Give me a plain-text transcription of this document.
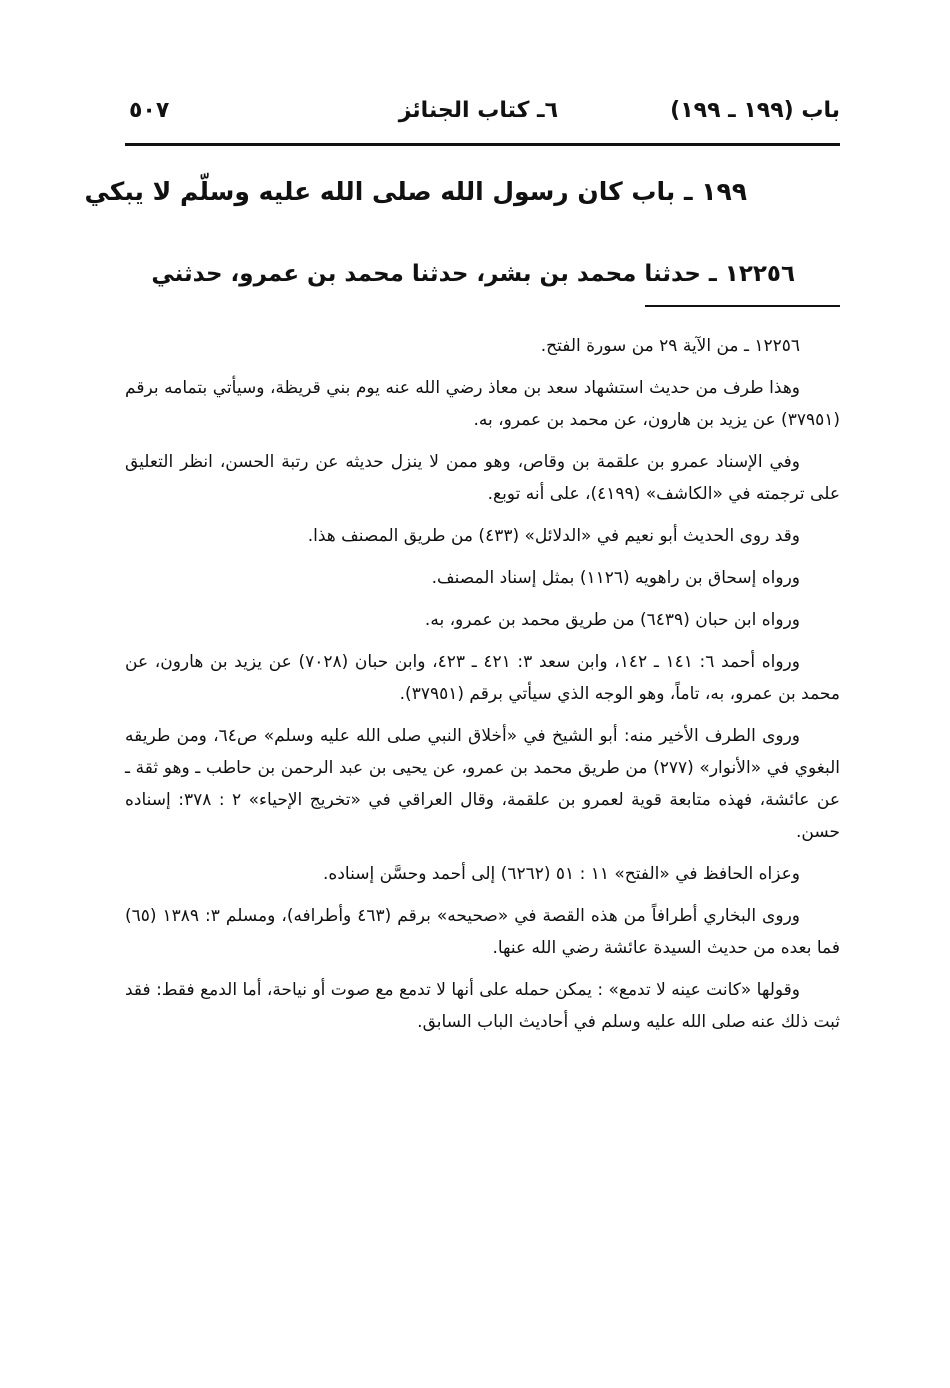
باب (١٩٩ ـ ١٩٩)
٦ـ كتاب الجنائز
٥٠٧
١٩٩ ـ باب كان رسول الله صلى الله عليه وسلّم لا يبكي
١٢٢٥٦ ـ حدثنا محمد بن بشر، حدثنا محمد بن عمرو، حدثني

١٢٢٥٦ ـ من الآية ٢٩ من سورة الفتح.

وهذا طرف من حديث استشهاد سعد بن معاذ رضي الله عنه يوم بني قريظة، وسيأتي بتمامه برقم (٣٧٩٥١) عن يزيد بن هارون، عن محمد بن عمرو، به.

وفي الإسناد عمرو بن علقمة بن وقاص، وهو ممن لا ينزل حديثه عن رتبة الحسن، انظر التعليق على ترجمته في «الكاشف» (٤١٩٩)، على أنه توبع.

وقد روى الحديث أبو نعيم في «الدلائل» (٤٣٣) من طريق المصنف هذا.

ورواه إسحاق بن راهويه (١١٢٦) بمثل إسناد المصنف.

ورواه ابن حبان (٦٤٣٩) من طريق محمد بن عمرو، به.

ورواه أحمد ٦: ١٤١ ـ ١٤٢، وابن سعد ٣: ٤٢١ ـ ٤٢٣، وابن حبان (٧٠٢٨) عن يزيد بن هارون، عن محمد بن عمرو، به، تاماً، وهو الوجه الذي سيأتي برقم (٣٧٩٥١).

وروى الطرف الأخير منه: أبو الشيخ في «أخلاق النبي صلى الله عليه وسلم» ص٦٤، ومن طريقه البغوي في «الأنوار» (٢٧٧) من طريق محمد بن عمرو، عن يحيى بن عبد الرحمن بن حاطب ـ وهو ثقة ـ عن عائشة، فهذه متابعة قوية لعمرو بن علقمة، وقال العراقي في «تخريج الإحياء» ٢ : ٣٧٨: إسناده حسن.

وعزاه الحافظ في «الفتح» ١١ : ٥١ (٦٢٦٢) إلى أحمد وحسَّن إسناده.

وروى البخاري أطرافاً من هذه القصة في «صحيحه» برقم (٤٦٣ وأطرافه)، ومسلم ٣: ١٣٨٩ (٦٥) فما بعده من حديث السيدة عائشة رضي الله عنها.

وقولها «كانت عينه لا تدمع» : يمكن حمله على أنها لا تدمع مع صوت أو نياحة، أما الدمع فقط: فقد ثبت ذلك عنه صلى الله عليه وسلم في أحاديث الباب السابق.
